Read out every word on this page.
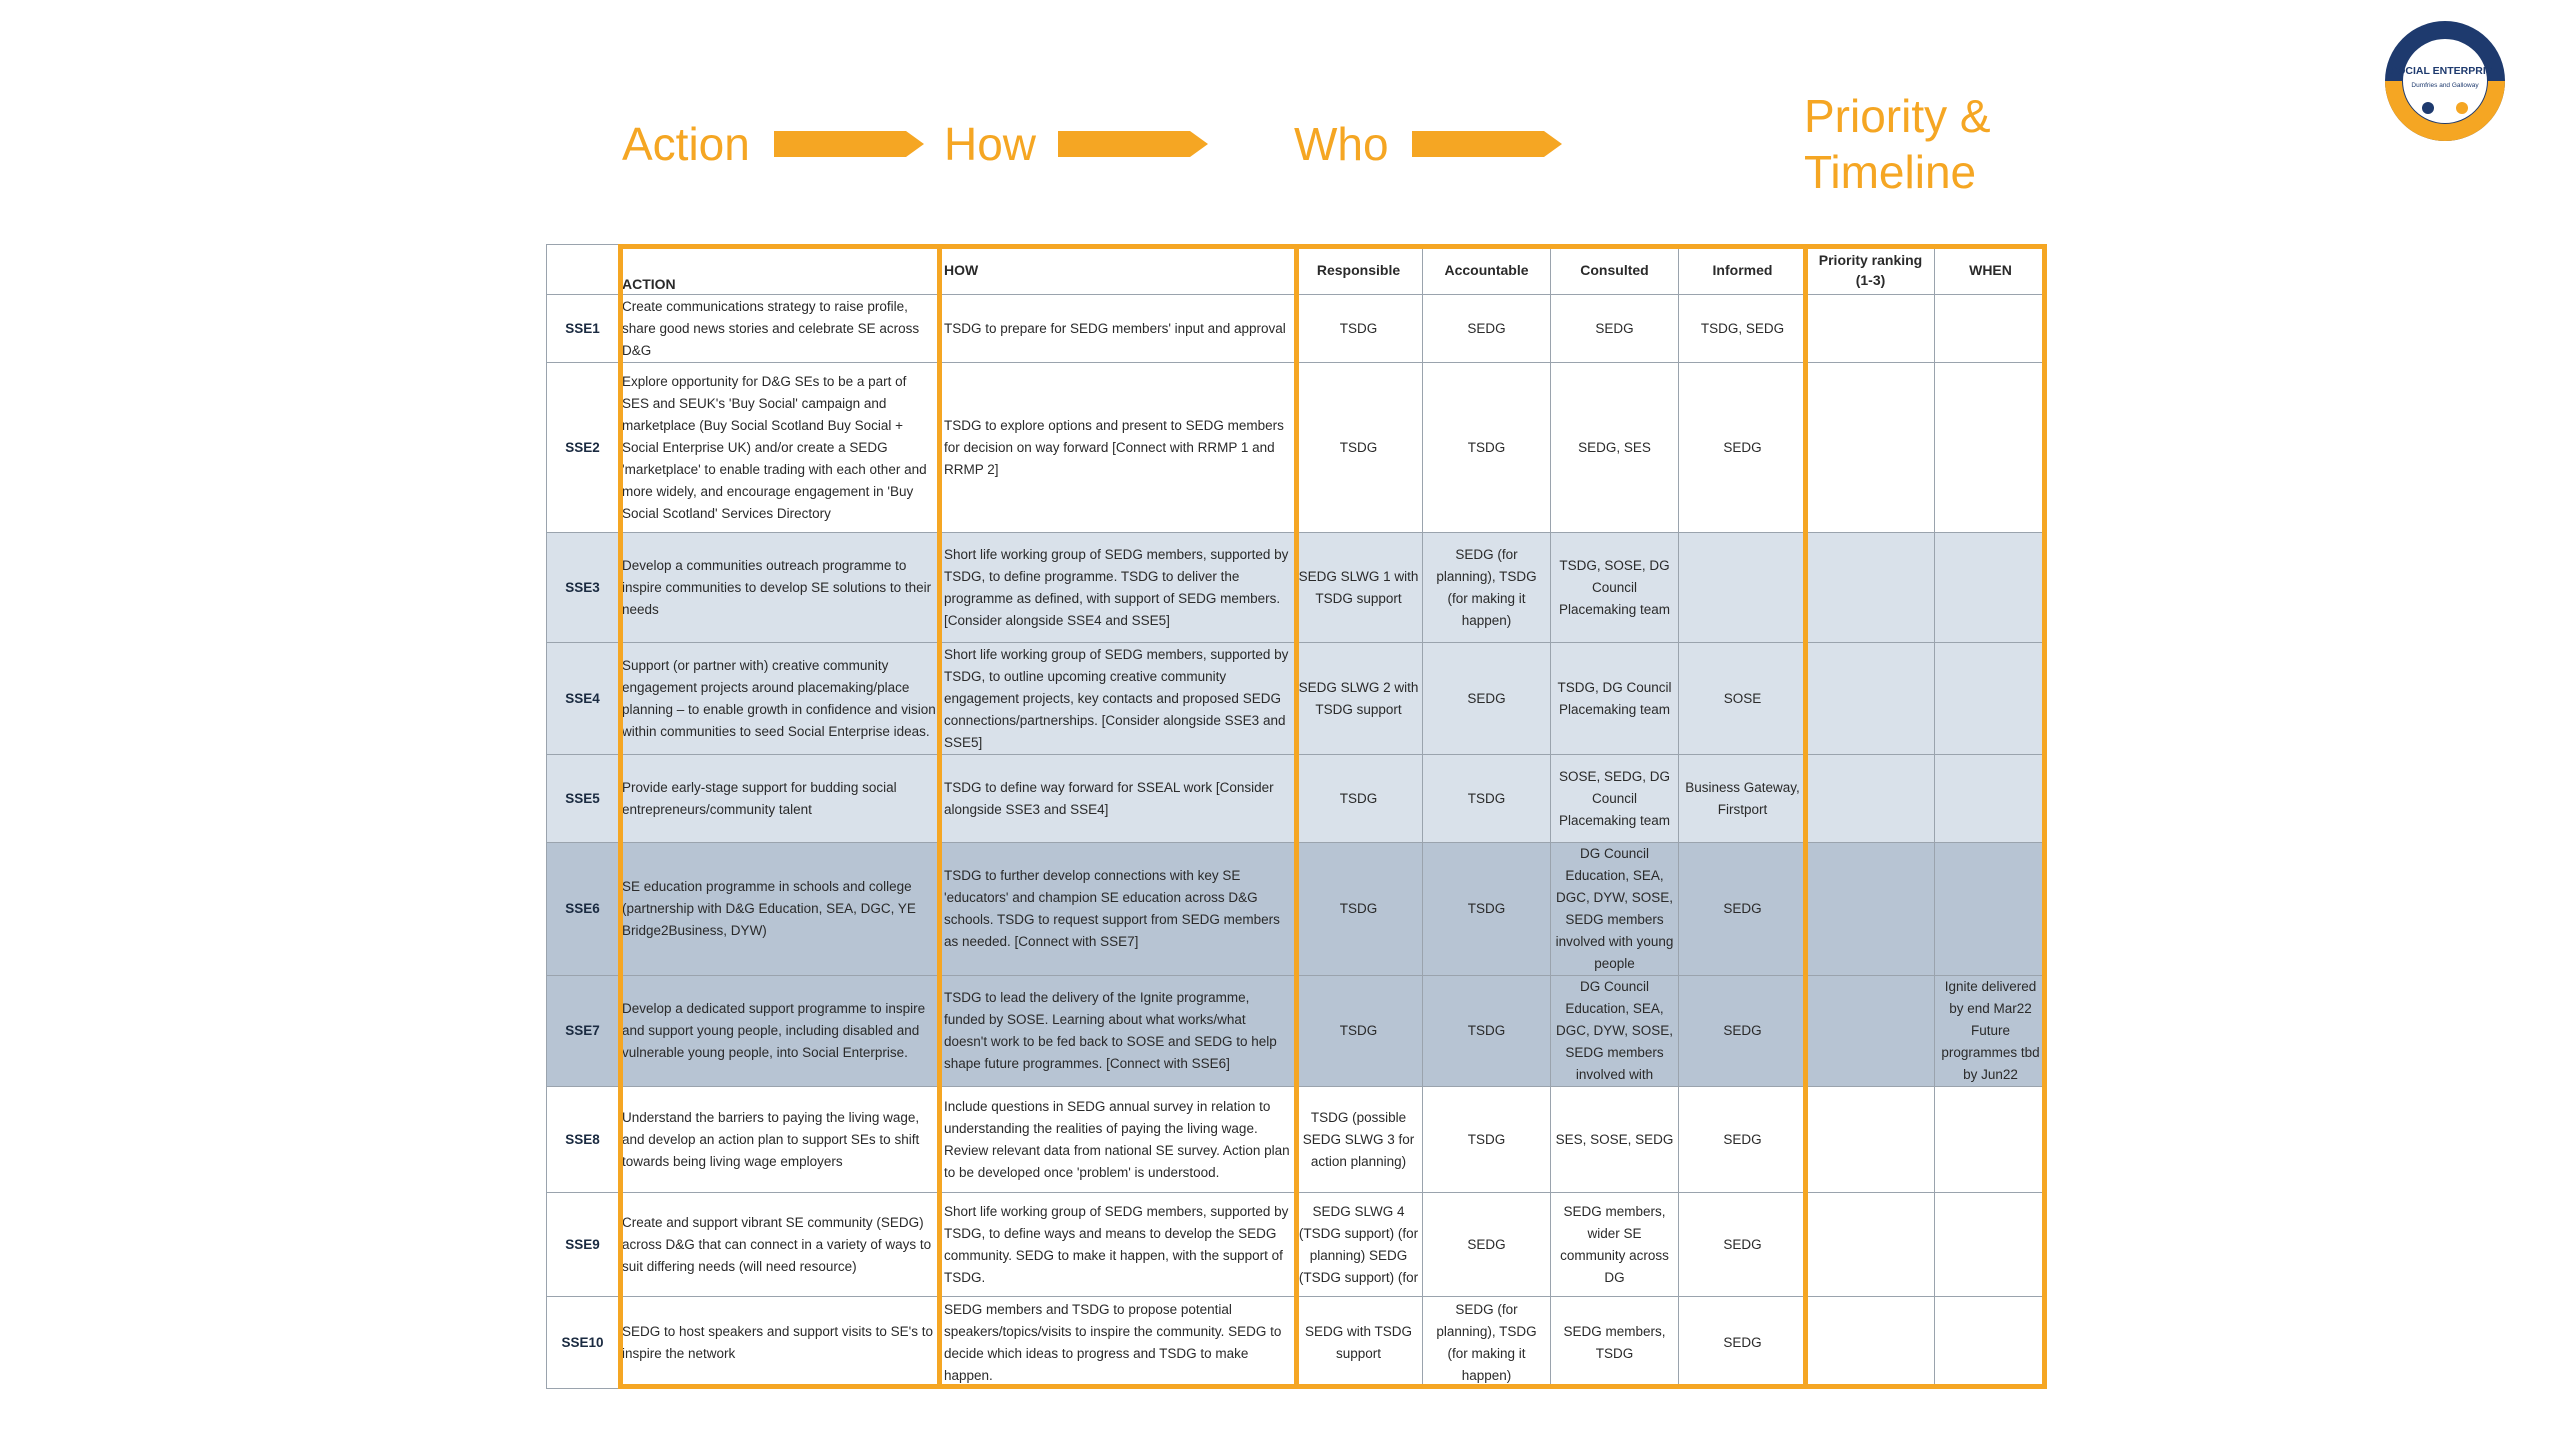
Action	How	Who
Priority &
Timeline
SOCIAL ENTERPRISE
Dumfries and Galloway
	ACTION	HOW	Responsible	Accountable	Consulted	Informed	Priority ranking (1-3)	WHEN
SSE1	Create communications strategy to raise profile, share good news stories and celebrate SE across D&G	TSDG to prepare for SEDG members' input and approval	TSDG	SEDG	SEDG	TSDG, SEDG		
SSE2	Explore opportunity for D&G SEs to be a part of SES and SEUK's 'Buy Social' campaign and marketplace (Buy Social Scotland Buy Social + Social Enterprise UK) and/or create a SEDG 'marketplace' to enable trading with each other and more widely, and encourage engagement in 'Buy Social Scotland' Services Directory	TSDG to explore options and present to SEDG members for decision on way forward [Connect with RRMP 1 and RRMP 2]	TSDG	TSDG	SEDG, SES	SEDG		
SSE3	Develop a communities outreach programme to inspire communities to develop SE solutions to their needs	Short life working group of SEDG members, supported by TSDG, to define programme. TSDG to deliver the programme as defined, with support of SEDG members. [Consider alongside SSE4 and SSE5]	SEDG SLWG 1 with TSDG support	SEDG (for planning), TSDG (for making it happen)	TSDG, SOSE, DG Council Placemaking team			
SSE4	Support (or partner with) creative community engagement projects around placemaking/place planning – to enable growth in confidence and vision within communities to seed Social Enterprise ideas.	Short life working group of SEDG members, supported by TSDG, to outline upcoming creative community engagement projects, key contacts and proposed SEDG connections/partnerships. [Consider alongside SSE3 and SSE5]	SEDG SLWG 2 with TSDG support	SEDG	TSDG, DG Council Placemaking team	SOSE		
SSE5	Provide early-stage support for budding social entrepreneurs/community talent	TSDG to define way forward for SSEAL work [Consider alongside SSE3 and SSE4]	TSDG	TSDG	SOSE, SEDG, DG Council Placemaking team	Business Gateway, Firstport		
SSE6	SE education programme in schools and college (partnership with D&G Education, SEA, DGC, YE Bridge2Business, DYW)	TSDG to further develop connections with key SE 'educators' and champion SE education across D&G schools. TSDG to request support from SEDG members as needed. [Connect with SSE7]	TSDG	TSDG	DG Council Education, SEA, DGC, DYW, SOSE, SEDG members involved with young people	SEDG		
SSE7	Develop a dedicated support programme to inspire and support young people, including disabled and vulnerable young people, into Social Enterprise.	TSDG to lead the delivery of the Ignite programme, funded by SOSE. Learning about what works/what doesn't work to be fed back to SOSE and SEDG to help shape future programmes. [Connect with SSE6]	TSDG	TSDG	DG Council Education, SEA, DGC, DYW, SOSE, SEDG members involved with	SEDG		Ignite delivered by end Mar22 Future programmes tbd by Jun22
SSE8	Understand the barriers to paying the living wage, and develop an action plan to support SEs to shift towards being living wage employers	Include questions in SEDG annual survey in relation to understanding the realities of paying the living wage. Review relevant data from national SE survey. Action plan to be developed once 'problem' is understood.	TSDG (possible SEDG SLWG 3 for action planning)	TSDG	SES, SOSE, SEDG	SEDG		
SSE9	Create and support vibrant SE community (SEDG) across D&G that can connect in a variety of ways to suit differing needs (will need resource)	Short life working group of SEDG members, supported by TSDG, to define ways and means to develop the SEDG community. SEDG to make it happen, with the support of TSDG.	SEDG SLWG 4 (TSDG support) (for planning) SEDG (TSDG support) (for	SEDG	SEDG members, wider SE community across DG	SEDG		
SSE10	SEDG to host speakers and support visits to SE's to inspire the network	SEDG members and TSDG to propose potential speakers/topics/visits to inspire the community. SEDG to decide which ideas to progress and TSDG to make happen.	SEDG with TSDG support	SEDG (for planning), TSDG (for making it happen)	SEDG members, TSDG	SEDG		
